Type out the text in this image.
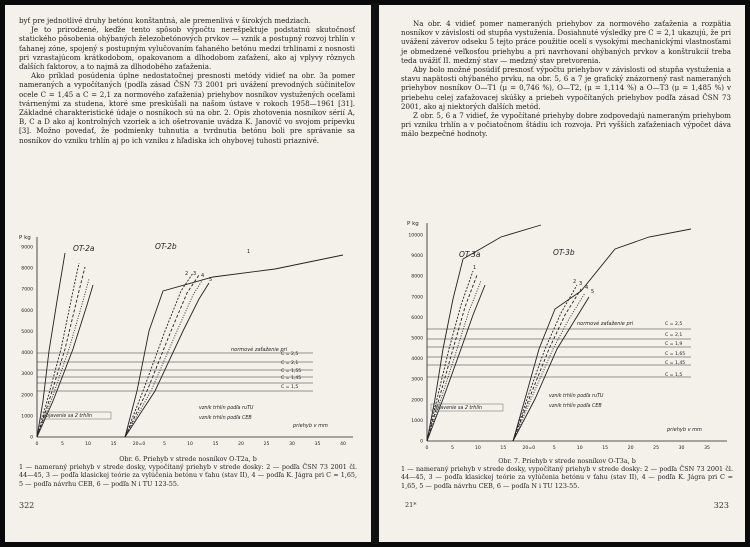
byť pre jednotlivé druhy betónu konštantná, ale premenlivá v širokých medziach.

Je to prirodzené, keďže tento spôsob výpočtu nerešpektuje podstatnú skutočnosť statického pôsobenia ohýbaných železobetónových prvkov — vznik a postupný rozvoj trhlín v ťahanej zóne, spojený s postupným vylučovaním ťahaného betónu medzi trhlinami z nosnosti pri vzrastajúcom krátkodobom, opakovanom a dlhodobom zaťažení, ako aj vplyvy rôznych ďalších faktorov, a to najmä za dlhodobého zaťaženia.

Ako príklad posúdenia úplne nedostatočnej presnosti metódy vidieť na obr. 3a pomer nameraných a vypočítaných (podľa zásad ČSN 73 2001 pri uvážení prevodných súčiniteľov ocele C = 1,45 a C = 2,1 za normového zaťaženia) priehybov nosníkov vystužených oceľami tvárnenými za studena, ktoré sme preskúšali na našom ústave v rokoch 1958—1961 [31]. Základné charakteristické údaje o nosníkoch sú na obr. 2. Opis zhotovenia nosníkov sérií A, B, C a D ako aj kontrolných vzoriek a ich ošetrovanie uvádza K. Janovič vo svojom prípevku [3]. Možno povedať, že podmienky tuhnutia a tvrdnutia betónu boli pre správanie sa nosníkov do vzniku trhlín aj po ich vzniku z hľadiska ich ohybovej tuhosti priaznivé.

P kg
0
1000
2000
3000
4000
5000
6000
7000
8000
9000
0	5	10	15	20=0	5	10	15	20	25	30	35	40
priehyb v mm
OT-2a	OT-2b
normové zaťaženie pri
C = 2,5
C = 2,1
C = 1,55
C = 1,45
C = 1,5
vznik trhlín podľa ruTU
objavenie sa 2 trhlín	vznik trhlín podľa CEB
1
2 3 4
5
Obr. 6. Priehyb v strede nosníkov O-T2a, b
1 — nameraný priehyb v strede dosky, vypočítaný priehyb v strede dosky: 2 — podľa ČSN 73 2001 čl. 44—45, 3 — podľa klasickej teórie za vylúčenia betónu v ťahu (stav II), 4 — podľa K. Jágra pri C = 1,65, 5 — podľa návrhu CEB, 6 — podľa N i TU 123-55.
322

Na obr. 4 vidieť pomer nameraných priehybov za normového zaťaženia a rozpätia nosníkov v závislosti od stupňa vystuženia. Dosiahnuté výsledky pre C = 2,1 ukazujú, že pri uvážení záverov odseku 5 tejto práce použitie ocelí s vysokými mechanickými vlastnosťami je obmedzené veľkosťou priehybu a pri navrhovaní ohýbaných prvkov a konštrukcií treba teda uvážiť II. medzný stav — medzný stav pretvorenia.

Aby bolo možné posúdiť presnosť výpočtu priehybov v závislosti od stupňa vystuženia a stavu napätosti ohýbaného prvku, na obr. 5, 6 a 7 je grafický znázornený rast nameraných priehybov nosníkov O—T1 (μ = 0,746 %), O—T2, (μ = 1,114 %) a O—T3 (μ = 1,485 %) v priebehu celej zaťažovacej skúšky a priebeh vypočítaných priehybov podľa zásad ČSN 73 2001, ako aj niektorých ďalších metód.

Z obr. 5, 6 a 7 vidieť, že vypočítané priehyby dobre zodpovedajú nameraným priehybom pri vzniku trhlín a v počiatočnom štádiu ich rozvoja. Pri vyšších zaťaženiach výpočet dáva málo bezpečné hodnoty.

P kg
0
1000
2000
3000
4000
5000
6000
7000
8000
9000
10000
0	5	10	15	20=0	5	10	15	20	25	30	35
priehyb v mm
OT-3a	OT-3b
normové zaťaženie pri	C = 2,5
C = 2,1
C = 1,9
C = 1,65
C = 1,45
C = 1,5
vznik trhlín podľa ruTU
objavenie sa 2 trhlín	vznik trhlín podľa CEB
1
2 3
4
5
Obr. 7. Priehyb v strede nosníkov O-T3a, b
1 — nameraný priehyb v strede dosky, vypočítaný priehyb v strede dosky: 2 — podľa ČSN 73 2001 čl. 44—45, 3 — podľa klasickej teórie za vylúčenia betónu v ťahu (stav II), 4 — podľa K. Jágra pri C = 1,65, 5 — podľa návrhu CEB, 6 — podľa N i TU 123-55.
21*	323
